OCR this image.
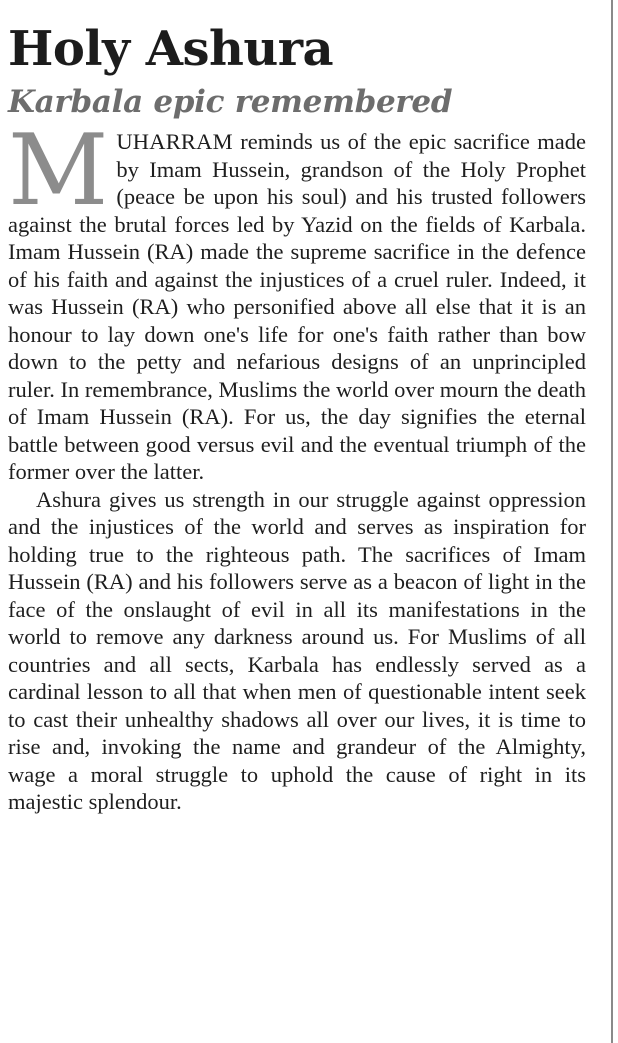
Holy Ashura
Karbala epic remembered

MUHARRAM reminds us of the epic sacrifice made by Imam Hussein, grandson of the Holy Prophet (peace be upon his soul) and his trusted followers against the brutal forces led by Yazid on the fields of Karbala. Imam Hussein (RA) made the supreme sacrifice in the defence of his faith and against the injustices of a cruel ruler. Indeed, it was Hussein (RA) who personified above all else that it is an honour to lay down one's life for one's faith rather than bow down to the petty and nefarious designs of an unprincipled ruler. In remembrance, Muslims the world over mourn the death of Imam Hussein (RA). For us, the day signifies the eternal battle between good versus evil and the eventual triumph of the former over the latter.

Ashura gives us strength in our struggle against oppression and the injustices of the world and serves as inspiration for holding true to the righteous path. The sacrifices of Imam Hussein (RA) and his followers serve as a beacon of light in the face of the onslaught of evil in all its manifestations in the world to remove any darkness around us. For Muslims of all countries and all sects, Karbala has endlessly served as a cardinal lesson to all that when men of questionable intent seek to cast their unhealthy shadows all over our lives, it is time to rise and, invoking the name and grandeur of the Almighty, wage a moral struggle to uphold the cause of right in its majestic splendour.
